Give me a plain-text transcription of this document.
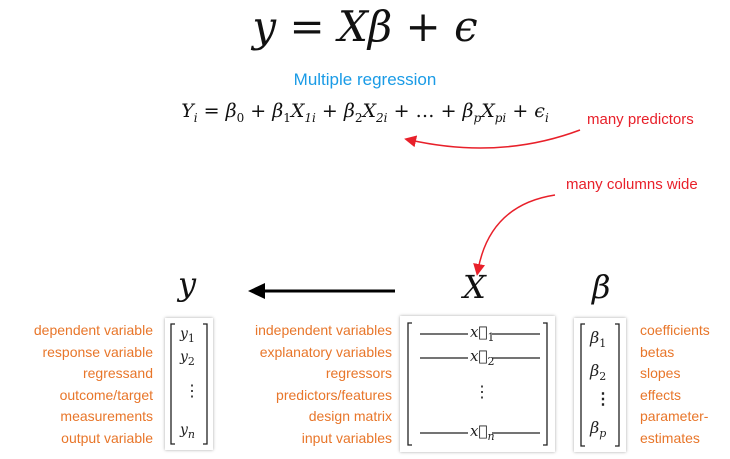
y = Xβ + ϵ
Multiple regression
$Y_i = \beta_0 + \beta_1X_{1i} + \beta_2X_{2i}$ + … + $\beta_pX_{pi} + \epsilon_i$	many predictors
many columns wide
y	X	β
dependent variable
response variable
regressand
outcome/target
measurements
output variable
$y_1$
$y_2$
⋮
$y_n$
independent variables
explanatory variables
regressors
predictors/features
design matrix
input variables
$x⃗_1$
$x⃗_2$
⋮
$x⃗_n$
$\beta_1$
$\beta_2$
⋮
$\beta_p$
coefficients
betas
slopes
effects
parameter-
estimates
